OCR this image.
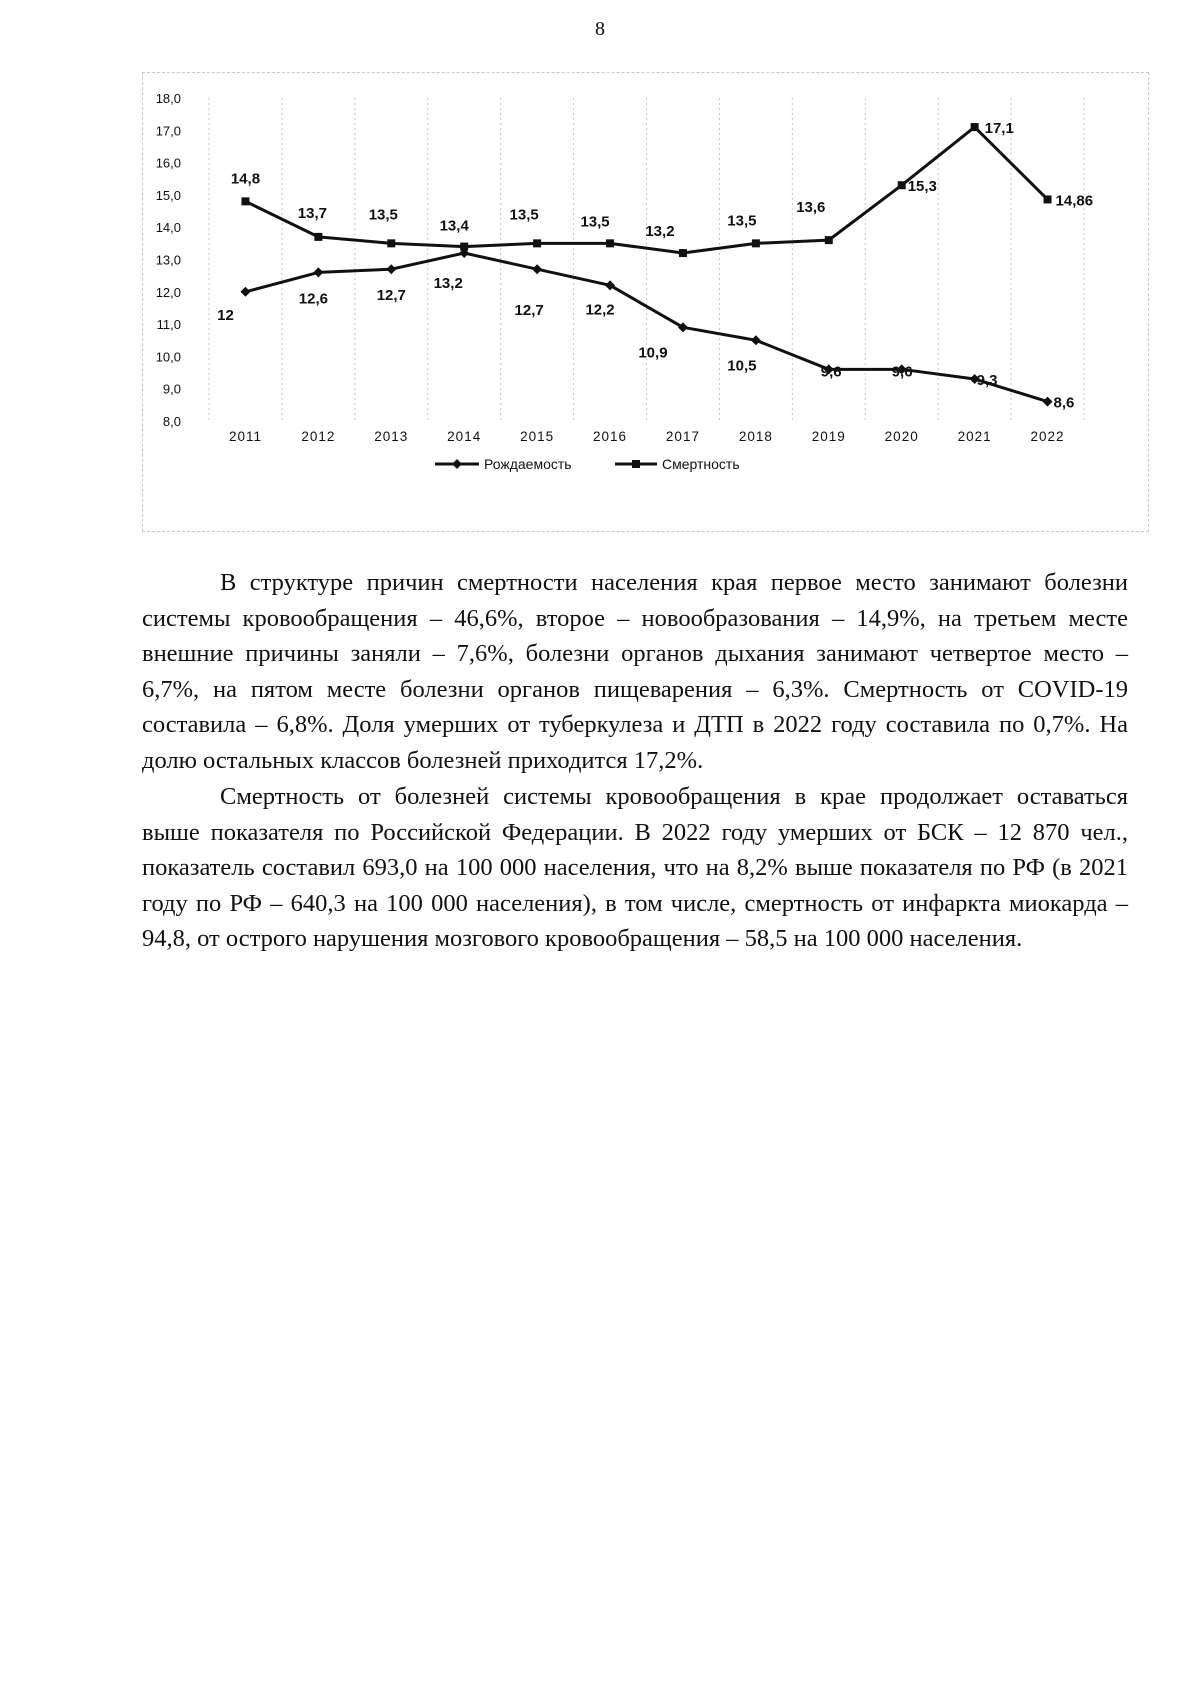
8
8,0
9,0
10,0
11,0
12,0
13,0
14,0
15,0
16,0
17,0
18,0
2011	2012	2013	2014	2015	2016	2017	2018	2019	2020	2021	2022
12
12,6	12,7
13,2
12,7	12,2
10,9
10,5	9,6	9,6
9,3
8,6
14,8
13,7	13,5
13,4
13,5	13,5
13,2
13,5
13,6
15,3
17,1
14,86
Рождаемость	Смертность

В структуре причин смертности населения края первое место занимают болезни системы кровообращения – 46,6%, второе – новообразования – 14,9%, на третьем месте внешние причины заняли – 7,6%, болезни органов дыхания занимают четвертое место – 6,7%, на пятом месте болезни органов пищеварения – 6,3%. Смертность от COVID-19 составила – 6,8%. Доля умерших от туберкулеза и ДТП в 2022 году составила по 0,7%. На долю остальных классов болезней приходится 17,2%.

Смертность от болезней системы кровообращения в крае продолжает оставаться выше показателя по Российской Федерации. В 2022 году умерших от БСК – 12 870 чел., показатель составил 693,0 на 100 000 населения, что на 8,2% выше показателя по РФ (в 2021 году по РФ – 640,3 на 100 000 населения), в том числе, смертность от инфаркта миокарда – 94,8, от острого нарушения мозгового кровообращения – 58,5 на 100 000 населения.
